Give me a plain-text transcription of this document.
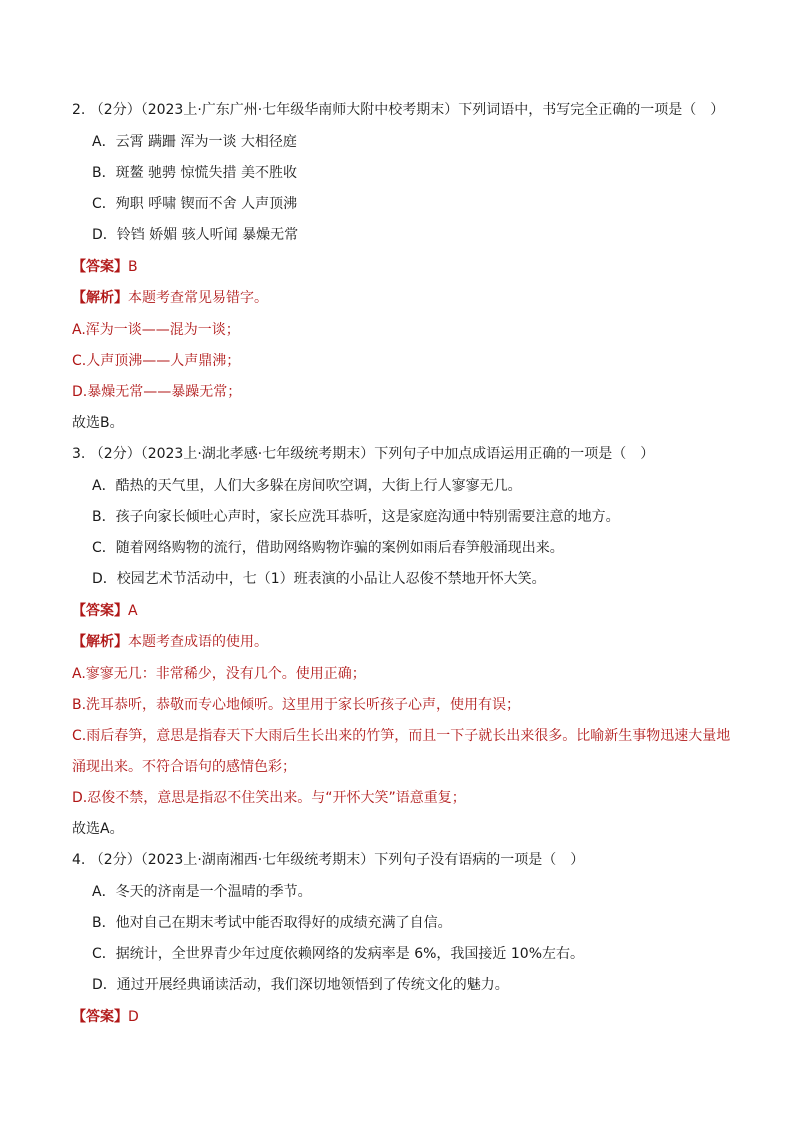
2. （2分）（2023上·广东广州·七年级华南师大附中校考期末）下列词语中，书写完全正确的一项是（　）
A．云霄 蹒跚 浑为一谈 大相径庭
B．斑鳌 驰骋 惊慌失措 美不胜收
C．殉职 呼啸 锲而不舍 人声顶沸
D．铃铛 娇媚 骇人听闻 暴燥无常
【答案】B
【解析】本题考查常见易错字。
A.浑为一谈——混为一谈；
C.人声顶沸——人声鼎沸；
D.暴燥无常——暴躁无常；
故选B。
3. （2分）（2023上·湖北孝感·七年级统考期末）下列句子中加点成语运用正确的一项是（　）
A．酷热的天气里，人们大多躲在房间吹空调，大街上行人寥寥无几。
B．孩子向家长倾吐心声时，家长应洗耳恭听，这是家庭沟通中特别需要注意的地方。
C．随着网络购物的流行，借助网络购物诈骗的案例如雨后春笋般涌现出来。
D．校园艺术节活动中，七（1）班表演的小品让人忍俊不禁地开怀大笑。
【答案】A
【解析】本题考查成语的使用。
A.寥寥无几：非常稀少，没有几个。使用正确；
B.洗耳恭听，恭敬而专心地倾听。这里用于家长听孩子心声，使用有误；
C.雨后春笋，意思是指春天下大雨后生长出来的竹笋，而且一下子就长出来很多。比喻新生事物迅速大量地
涌现出来。不符合语句的感情色彩；
D.忍俊不禁，意思是指忍不住笑出来。与“开怀大笑”语意重复；
故选A。
4. （2分）（2023上·湖南湘西·七年级统考期末）下列句子没有语病的一项是（　）
A．冬天的济南是一个温晴的季节。
B．他对自己在期末考试中能否取得好的成绩充满了自信。
C．据统计，全世界青少年过度依赖网络的发病率是 6%，我国接近 10%左右。
D．通过开展经典诵读活动，我们深切地领悟到了传统文化的魅力。
【答案】D
